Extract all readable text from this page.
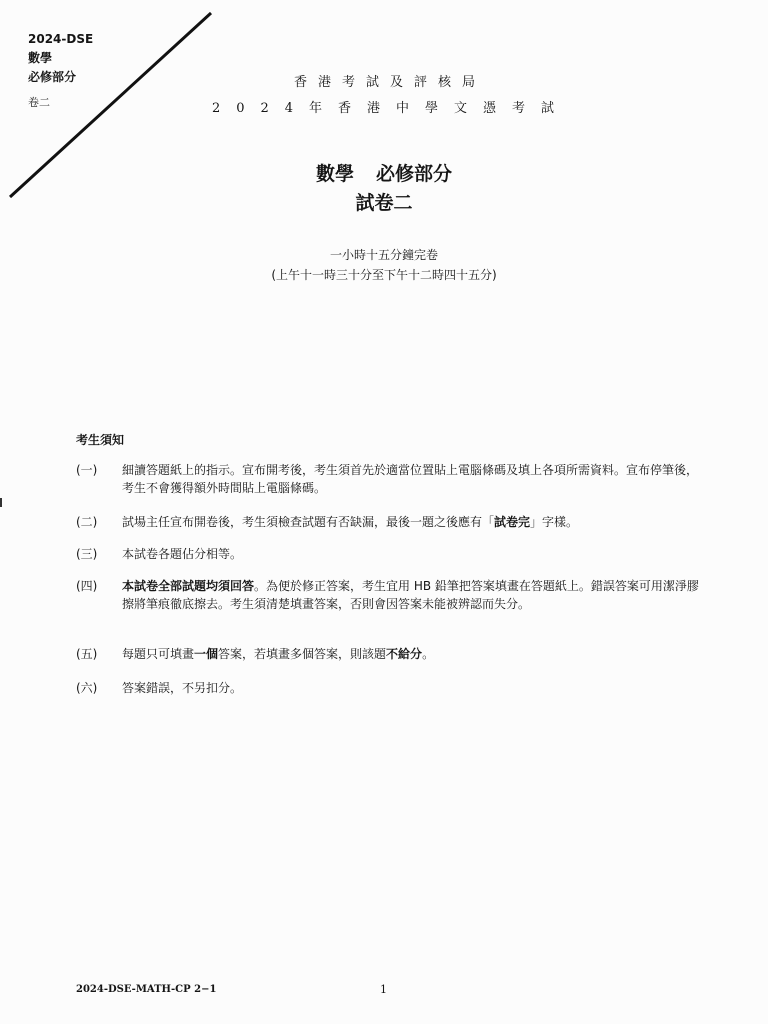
2024-DSE
數學
必修部分
卷二
香港考試及評核局
2024年香港中學文憑考試
數學 必修部分
試卷二
一小時十五分鐘完卷
(上午十一時三十分至下午十二時四十五分)
考生須知
(一) 細讀答題紙上的指示。宣布開考後，考生須首先於適當位置貼上電腦條碼及填上各項所需資料。宣布停筆後，考生不會獲得額外時間貼上電腦條碼。
(二) 試場主任宣布開卷後，考生須檢查試題有否缺漏，最後一題之後應有「試卷完」字樣。
(三) 本試卷各題佔分相等。
(四) 本試卷全部試題均須回答。為便於修正答案，考生宜用 HB 鉛筆把答案填畫在答題紙上。錯誤答案可用潔淨膠擦將筆痕徹底擦去。考生須清楚填畫答案，否則會因答案未能被辨認而失分。
(五) 每題只可填畫一個答案，若填畫多個答案，則該題不給分。
(六) 答案錯誤，不另扣分。
2024-DSE-MATH-CP 2−1	1
